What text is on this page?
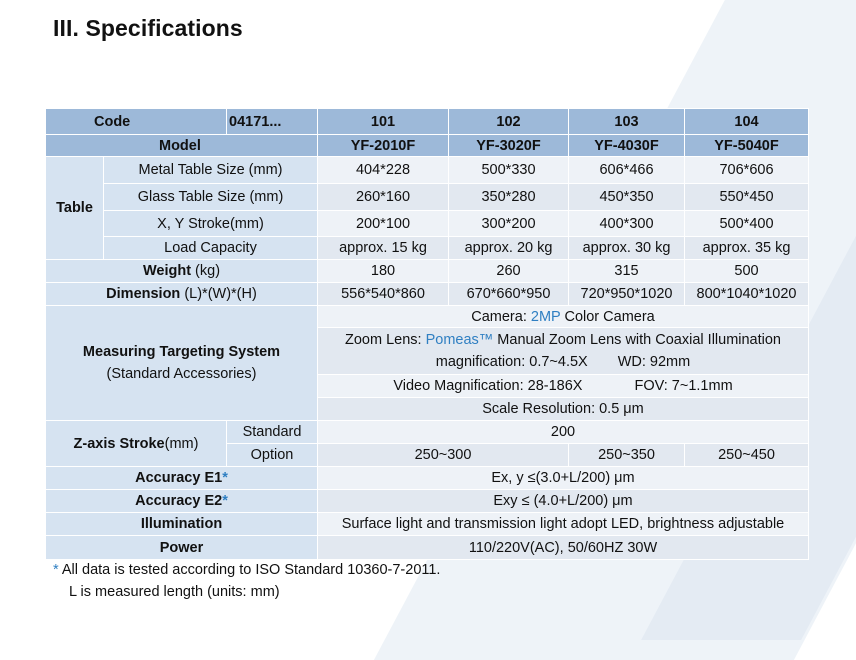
III. Specifications
Code		04171...	101	102	103	104
Model			YF-2010F	YF-3020F	YF-4030F	YF-5040F
Table	Metal Table Size (mm)		404*228	500*330	606*466	706*606
	Glass Table Size (mm)		260*160	350*280	450*350	550*450
	X, Y Stroke(mm)		200*100	300*200	400*300	500*400
	Load Capacity		approx. 15 kg	approx. 20 kg	approx. 30 kg	approx. 35 kg
Weight (kg)			180	260	315	500
Dimension (L)*(W)*(H)			556*540*860	670*660*950	720*950*1020	800*1040*1020

Measuring Targeting System
(Standard Accessories)			Camera: 2MP Color Camera			

			Zoom Lens: Pomeas™ Manual Zoom Lens with Coaxial Illumination
magnification: 0.7~4.5X WD: 92mm			

			Video Magnification: 28-186X FOV: 7~1.1mm			
			Scale Resolution: 0.5 μm			
Z-axis Stroke(mm)		Standard	200			
		Option	250~300		250~350	250~450
Accuracy E1*			Ex, y ≤(3.0+L/200) μm			
Accuracy E2*			Exy ≤ (4.0+L/200) μm			
Illumination			Surface light and transmission light adopt LED, brightness adjustable			
Power			110/220V(AC), 50/60HZ 30W			
* All data is tested according to ISO Standard 10360-7-2011.
L is measured length (units: mm)
